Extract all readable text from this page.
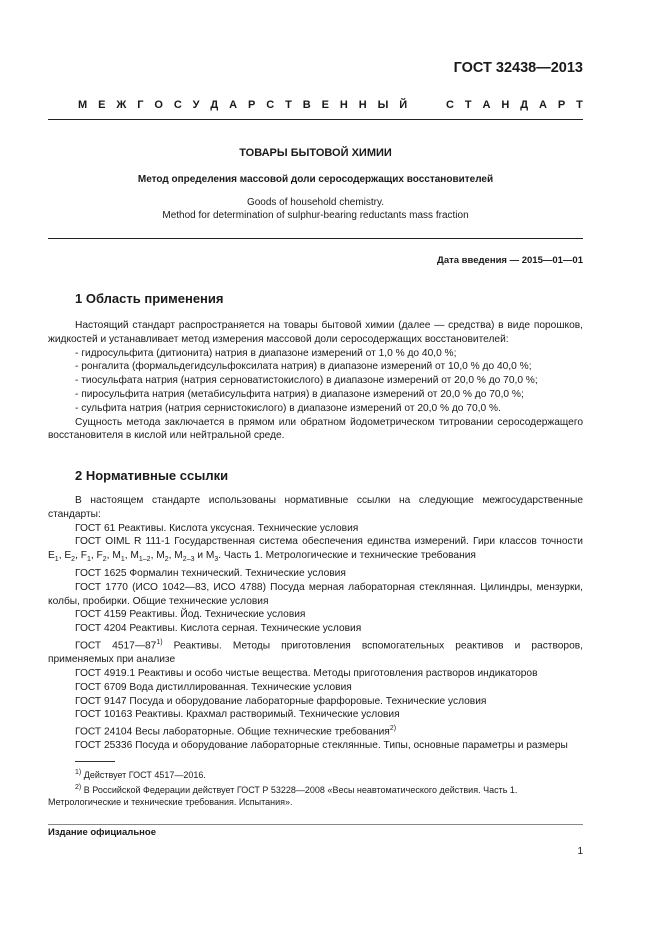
ГОСТ 32438—2013
М Е Ж Г О С У Д А Р С Т В Е Н Н Ы Й

	С Т А Н Д А Р Т
ТОВАРЫ БЫТОВОЙ ХИМИИ
Метод определения массовой доли серосодержащих восстановителей
Goods of household chemistry.
Method for determination of sulphur-bearing reductants mass fraction
Дата введения — 2015—01—01
1 Область применения

Настоящий стандарт распространяется на товары бытовой химии (далее — средства) в виде порошков, жидкостей и устанавливает метод измерения массовой доли серосодержащих восстановителей:

- гидросульфита (дитионита) натрия в диапазоне измерений от 1,0 % до 40,0 %;

- ронгалита (формальдегидсульфоксилата натрия) в диапазоне измерений от 10,0 % до 40,0 %;

- тиосульфата натрия (натрия серноватистокислого) в диапазоне измерений от 20,0 % до 70,0 %;

- пиросульфита натрия (метабисульфита натрия) в диапазоне измерений от 20,0 % до 70,0 %;

- сульфита натрия (натрия сернистокислого) в диапазоне измерений от 20,0 % до 70,0 %.

Сущность метода заключается в прямом или обратном йодометрическом титровании серосодержащего восстановителя в кислой или нейтральной среде.

2 Нормативные ссылки

В настоящем стандарте использованы нормативные ссылки на следующие межгосударственные стандарты:

ГОСТ 61 Реактивы. Кислота уксусная. Технические условия

ГОСТ OIML R 111-1 Государственная система обеспечения единства измерений. Гири классов точности $E_1$, $E_2$, $F_1$, $F_2$, $M_1$, $M_{1-2}$, $M_2$, $M_{2-3}$ и $M_3$. Часть 1. Метрологические и технические требования

ГОСТ 1625 Формалин технический. Технические условия

ГОСТ 1770 (ИСО 1042—83, ИСО 4788) Посуда мерная лабораторная стеклянная. Цилиндры, мензурки, колбы, пробирки. Общие технические условия

ГОСТ 4159 Реактивы. Йод. Технические условия

ГОСТ 4204 Реактивы. Кислота серная. Технические условия

ГОСТ 4517—87$^{1)}$ Реактивы. Методы приготовления вспомогательных реактивов и растворов, применяемых при анализе

ГОСТ 4919.1 Реактивы и особо чистые вещества. Методы приготовления растворов индикаторов

ГОСТ 6709 Вода дистиллированная. Технические условия

ГОСТ 9147 Посуда и оборудование лабораторные фарфоровые. Технические условия

ГОСТ 10163 Реактивы. Крахмал растворимый. Технические условия

ГОСТ 24104 Весы лабораторные. Общие технические требования$^{2)}$

ГОСТ 25336 Посуда и оборудование лабораторные стеклянные. Типы, основные параметры и размеры

$^{1)}$ Действует ГОСТ 4517—2016.

$^{2)}$ В Российской Федерации действует ГОСТ Р 53228—2008 «Весы неавтоматического действия. Часть 1. Метрологические и технические требования. Испытания».

Издание официальное
1
